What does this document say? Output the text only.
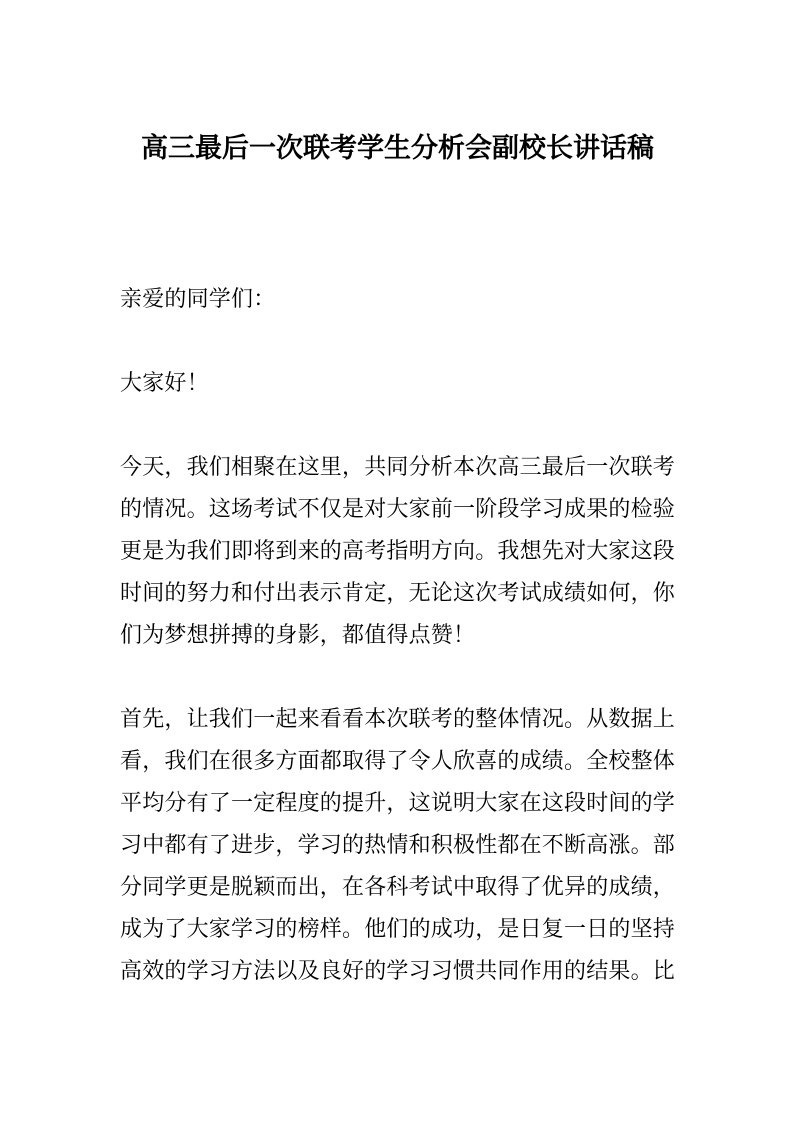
高三最后一次联考学生分析会副校长讲话稿

亲爱的同学们：

大家好！

今天，我们相聚在这里，共同分析本次高三最后一次联考的情况。这场考试不仅是对大家前一阶段学习成果的检验更是为我们即将到来的高考指明方向。我想先对大家这段时间的努力和付出表示肯定，无论这次考试成绩如何，你们为梦想拼搏的身影，都值得点赞！

首先，让我们一起来看看本次联考的整体情况。从数据上看，我们在很多方面都取得了令人欣喜的成绩。全校整体平均分有了一定程度的提升，这说明大家在这段时间的学习中都有了进步，学习的热情和积极性都在不断高涨。部分同学更是脱颖而出，在各科考试中取得了优异的成绩，成为了大家学习的榜样。他们的成功，是日复一日的坚持高效的学习方法以及良好的学习习惯共同作用的结果。比
